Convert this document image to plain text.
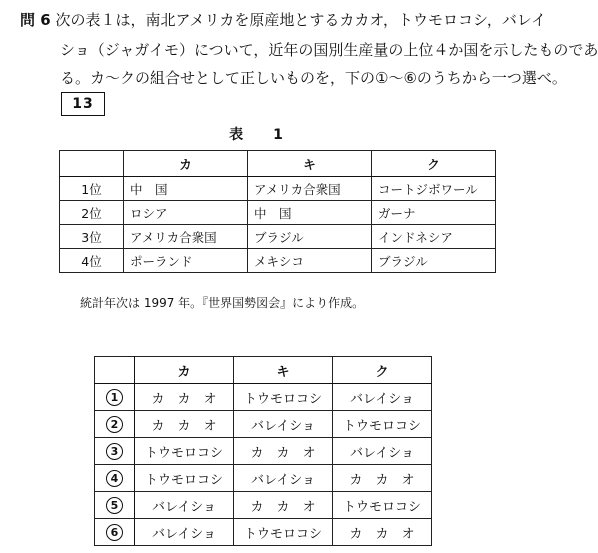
問 6 次の表１は，南北アメリカを原産地とするカカオ，トウモロコシ，バレイ
ショ（ジャガイモ）について，近年の国別生産量の上位４か国を示したものであ
る。カ～クの組合せとして正しいものを，下の①～⑥のうちから一つ選べ。
13
表　1
	カ	キ	ク
1位	中　国	アメリカ合衆国	コートジボワール
2位	ロシア	中　国	ガーナ
3位	アメリカ合衆国	ブラジル	インドネシア
4位	ポーランド	メキシコ	ブラジル
統計年次は 1997 年。『世界国勢図会』により作成。
	カ	キ	ク
1	カ　カ　オ	トウモロコシ	バレイショ
2	カ　カ　オ	バレイショ	トウモロコシ
3	トウモロコシ	カ　カ　オ	バレイショ
4	トウモロコシ	バレイショ	カ　カ　オ
5	バレイショ	カ　カ　オ	トウモロコシ
6	バレイショ	トウモロコシ	カ　カ　オ
